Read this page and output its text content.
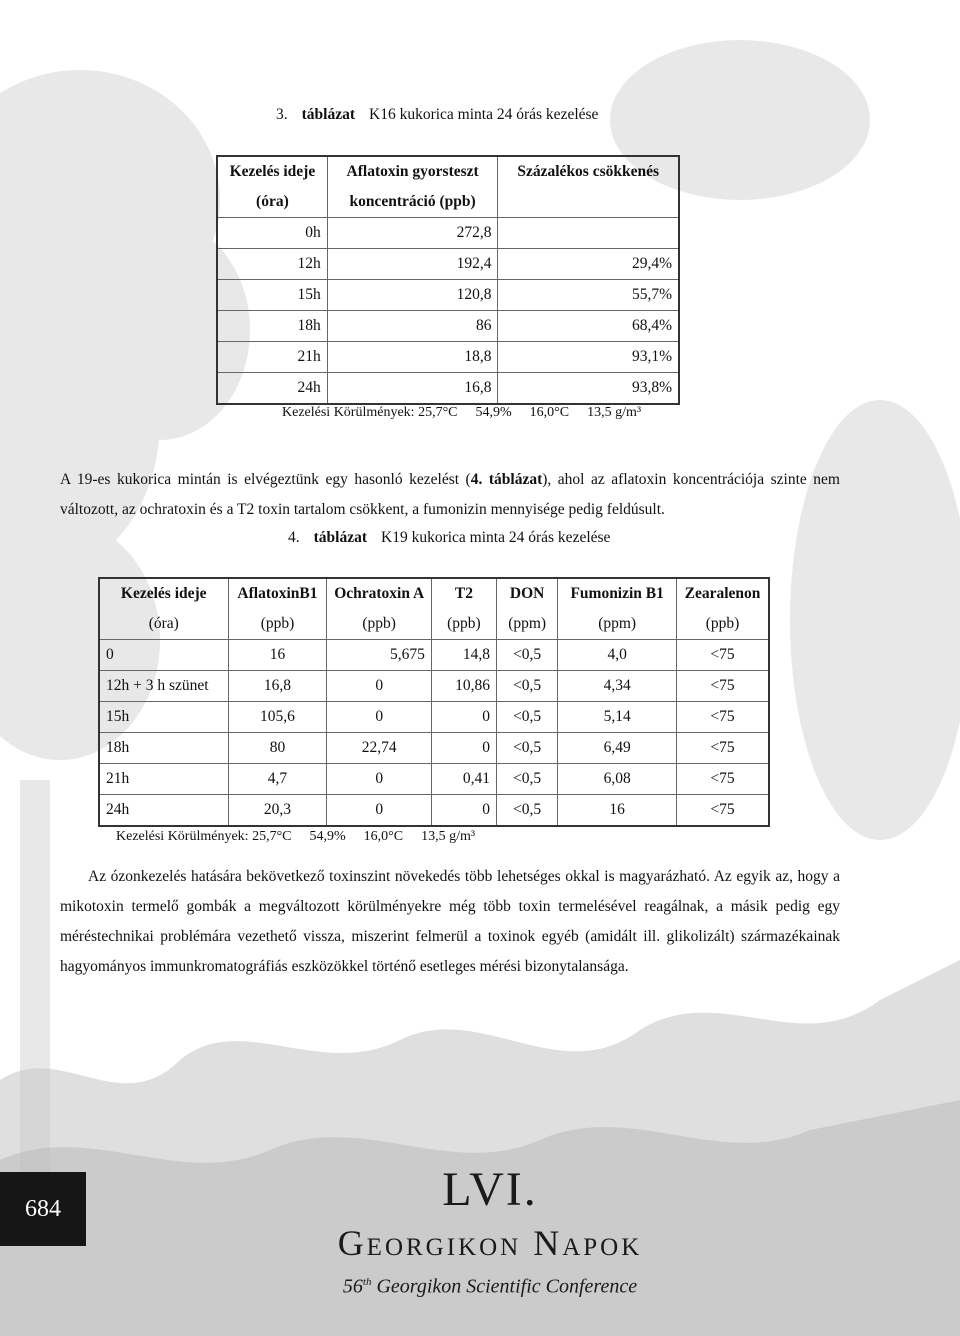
3. táblázat K16 kukorica minta 24 órás kezelése
Kezelés ideje	Aflatoxin gyorsteszt	Százalékos csökkenés
(óra)	koncentráció (ppb)	
0h	272,8	
12h	192,4	29,4%
15h	120,8	55,7%
18h	86	68,4%
21h	18,8	93,1%
24h	16,8	93,8%
Kezelési Körülmények: 25,7°C 54,9% 16,0°C 13,5 g/m³
A 19-es kukorica mintán is elvégeztünk egy hasonló kezelést (4. táblázat), ahol az aflatoxin koncentrációja szinte nem változott, az ochratoxin és a T2 toxin tartalom csökkent, a fumonizin mennyisége pedig feldúsult.
4. táblázat K19 kukorica minta 24 órás kezelése
Kezelés ideje	AflatoxinB1	Ochratoxin A	T2	DON	Fumonizin B1	Zearalenon
(óra)	(ppb)	(ppb)	(ppb)	(ppm)	(ppm)	(ppb)
0	16	5,675	14,8	<0,5	4,0	<75
12h + 3 h szünet	16,8	0	10,86	<0,5	4,34	<75
15h	105,6	0	0	<0,5	5,14	<75
18h	80	22,74	0	<0,5	6,49	<75
21h	4,7	0	0,41	<0,5	6,08	<75
24h	20,3	0	0	<0,5	16	<75
Kezelési Körülmények: 25,7°C 54,9% 16,0°C 13,5 g/m³
Az ózonkezelés hatására bekövetkező toxinszint növekedés több lehetséges okkal is magyarázható. Az egyik az, hogy a mikotoxin termelő gombák a megváltozott körülményekre még több toxin termelésével reagálnak, a másik pedig egy méréstechnikai problémára vezethető vissza, miszerint felmerül a toxinok egyéb (amidált ill. glikolizált) származékainak hagyományos immunkromatográfiás eszközökkel történő esetleges mérési bizonytalansága.
684	LVI.
Georgikon Napok
56th Georgikon Scientific Conference
